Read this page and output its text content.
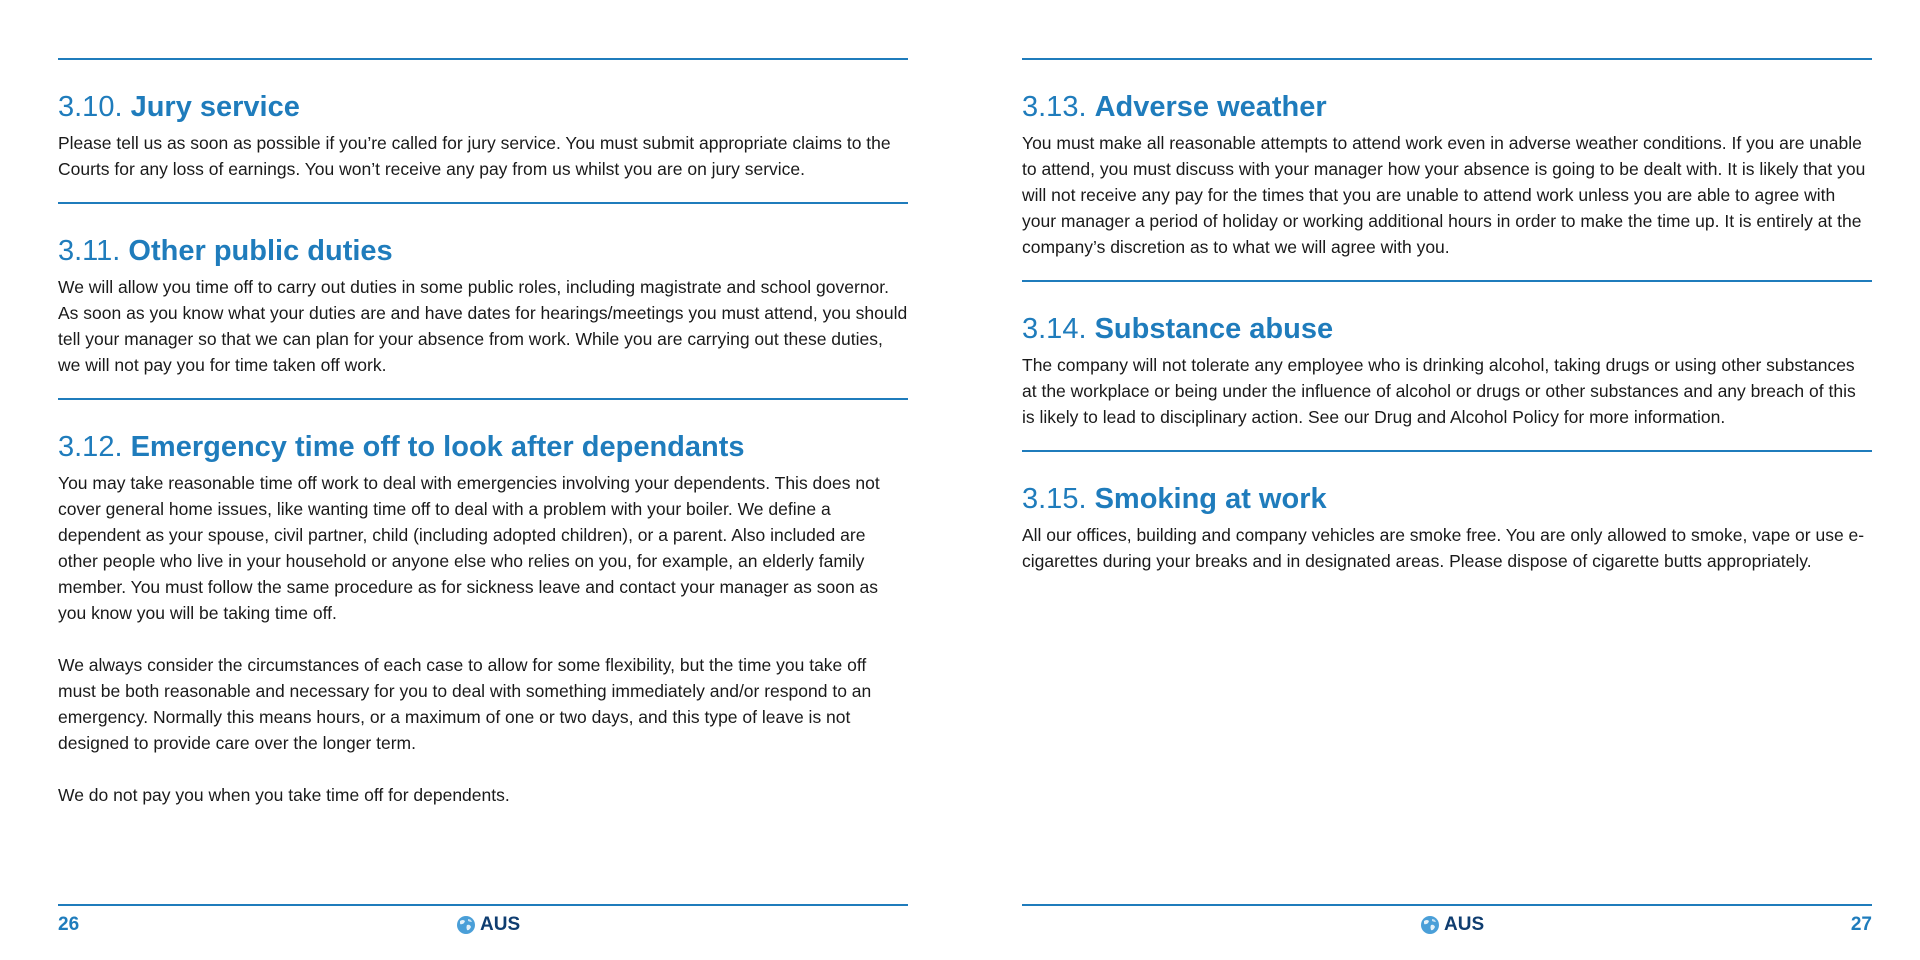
3.10. Jury service

Please tell us as soon as possible if you’re called for jury service. You must submit appropriate claims to the Courts for any loss of earnings. You won’t receive any pay from us whilst you are on jury service.

3.11. Other public duties

We will allow you time off to carry out duties in some public roles, including magistrate and school governor. As soon as you know what your duties are and have dates for hearings/meetings you must attend, you should tell your manager so that we can plan for your absence from work. While you are carrying out these duties, we will not pay you for time taken off work.

3.12. Emergency time off to look after dependants

You may take reasonable time off work to deal with emergencies involving your dependents. This does not cover general home issues, like wanting time off to deal with a problem with your boiler. We define a dependent as your spouse, civil partner, child (including adopted children), or a parent. Also included are other people who live in your household or anyone else who relies on you, for example, an elderly family member. You must follow the same procedure as for sickness leave and contact your manager as soon as you know you will be taking time off.

We always consider the circumstances of each case to allow for some flexibility, but the time you take off must be both reasonable and necessary for you to deal with something immediately and/or respond to an emergency. Normally this means hours, or a maximum of one or two days, and this type of leave is not designed to provide care over the longer term.

We do not pay you when you take time off for dependents.

26	AUS
3.13. Adverse weather

You must make all reasonable attempts to attend work even in adverse weather conditions. If you are unable to attend, you must discuss with your manager how your absence is going to be dealt with. It is likely that you will not receive any pay for the times that you are unable to attend work unless you are able to agree with your manager a period of holiday or working additional hours in order to make the time up. It is entirely at the company’s discretion as to what we will agree with you.

3.14. Substance abuse

The company will not tolerate any employee who is drinking alcohol, taking drugs or using other substances at the workplace or being under the influence of alcohol or drugs or other substances and any breach of this is likely to lead to disciplinary action. See our Drug and Alcohol Policy for more information.

3.15. Smoking at work

All our offices, building and company vehicles are smoke free. You are only allowed to smoke, vape or use e-cigarettes during your breaks and in designated areas. Please dispose of cigarette butts appropriately.

AUS	27
